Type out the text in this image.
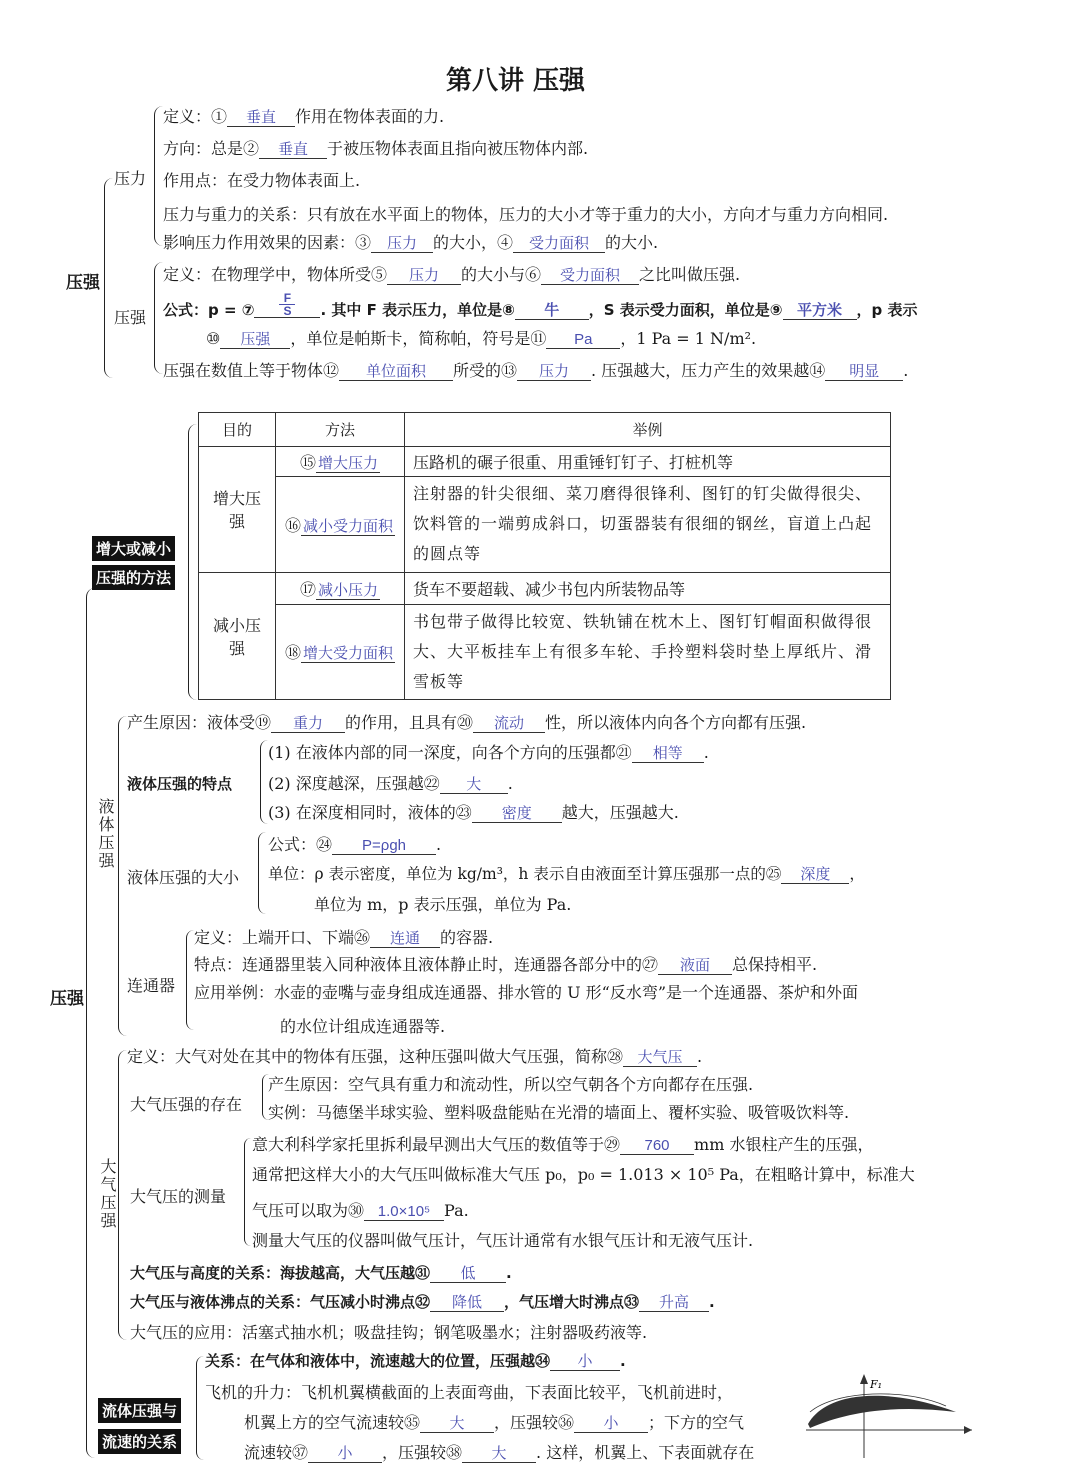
第八讲 压强
压强
压力
定义：① 垂直 作用在物体表面的力.
方向：总是② 垂直 于被压物体表面且指向被压物体内部.
作用点：在受力物体表面上.
压力与重力的关系：只有放在水平面上的物体，压力的大小才等于重力的大小，方向才与重力方向相同.
影响压力作用效果的因素：③ 压力 的大小，④ 受力面积 的大小.
压强
定义：在物理学中，物体所受⑤ 压力 的大小与⑥ 受力面积 之比叫做压强.
公式：p = ⑦ $\frac{F}{S}$ . 其中 F 表示压力，单位是⑧ 牛 ，S 表示受力面积，单位是⑨ 平方米 ，p 表示
⑩ 压强 ，单位是帕斯卡，简称帕，符号是⑪ Pa ，1 Pa = 1 N/m².
压强在数值上等于物体⑫ 单位面积 所受的⑬ 压力 . 压强越大，压力产生的效果越⑭ 明显 .
增大或减小
压强的方法
目的	方法	举例
增大压强	⑮ 增大压力	压路机的碾子很重、用重锤钉钉子、打桩机等
	⑯ 减小受力面积	注射器的针尖很细、菜刀磨得很锋利、图钉的钉尖做得很尖、饮料管的一端剪成斜口，切蛋器装有很细的钢丝，盲道上凸起的圆点等
减小压强	⑰ 减小压力	货车不要超载、减少书包内所装物品等
	⑱ 增大受力面积	书包带子做得比较宽、铁轨铺在枕木上、图钉钉帽面积做得很大、大平板挂车上有很多车轮、手拎塑料袋时垫上厚纸片、滑雪板等
压强
液体压强
产生原因：液体受⑲ 重力 的作用，且具有⑳ 流动 性，所以液体内向各个方向都有压强.
液体压强的特点
(1) 在液体内部的同一深度，向各个方向的压强都㉑ 相等 .
(2) 深度越深，压强越㉒ 大 .
(3) 在深度相同时，液体的㉓ 密度 越大，压强越大.
液体压强的大小
公式：㉔ P=ρgh .
单位：ρ 表示密度，单位为 kg/m³，h 表示自由液面至计算压强那一点的㉕ 深度 ，
单位为 m，p 表示压强，单位为 Pa.
连通器
定义：上端开口、下端㉖ 连通 的容器.
特点：连通器里装入同种液体且液体静止时，连通器各部分中的㉗ 液面 总保持相平.
应用举例：水壶的壶嘴与壶身组成连通器、排水管的 U 形“反水弯”是一个连通器、茶炉和外面
的水位计组成连通器等.
大气压强
定义：大气对处在其中的物体有压强，这种压强叫做大气压强，简称㉘ 大气压 .
大气压强的存在
产生原因：空气具有重力和流动性，所以空气朝各个方向都存在压强.
实例：马德堡半球实验、塑料吸盘能贴在光滑的墙面上、覆杯实验、吸管吸饮料等.
大气压的测量
意大利科学家托里拆利最早测出大气压的数值等于㉙ 760 mm 水银柱产生的压强，
通常把这样大小的大气压叫做标准大气压 p₀，p₀ = 1.013 × 10⁵ Pa，在粗略计算中，标准大
气压可以取为㉚ 1.0×10⁵ Pa.
测量大气压的仪器叫做气压计，气压计通常有水银气压计和无液气压计.
大气压与高度的关系：海拔越高，大气压越㉛ 低 .
大气压与液体沸点的关系：气压减小时沸点㉜ 降低 ，气压增大时沸点㉝ 升高 .
大气压的应用：活塞式抽水机；吸盘挂钩；钢笔吸墨水；注射器吸药液等.
流体压强与
流速的关系
关系：在气体和液体中，流速越大的位置，压强越㉞ 小 .
飞机的升力：飞机机翼横截面的上表面弯曲，下表面比较平，飞机前进时，
机翼上方的空气流速较㉟ 大 ，压强较㊱ 小 ；下方的空气
流速较㊲ 小 ，压强较㊳ 大 . 这样，机翼上、下表面就存在
F₁
